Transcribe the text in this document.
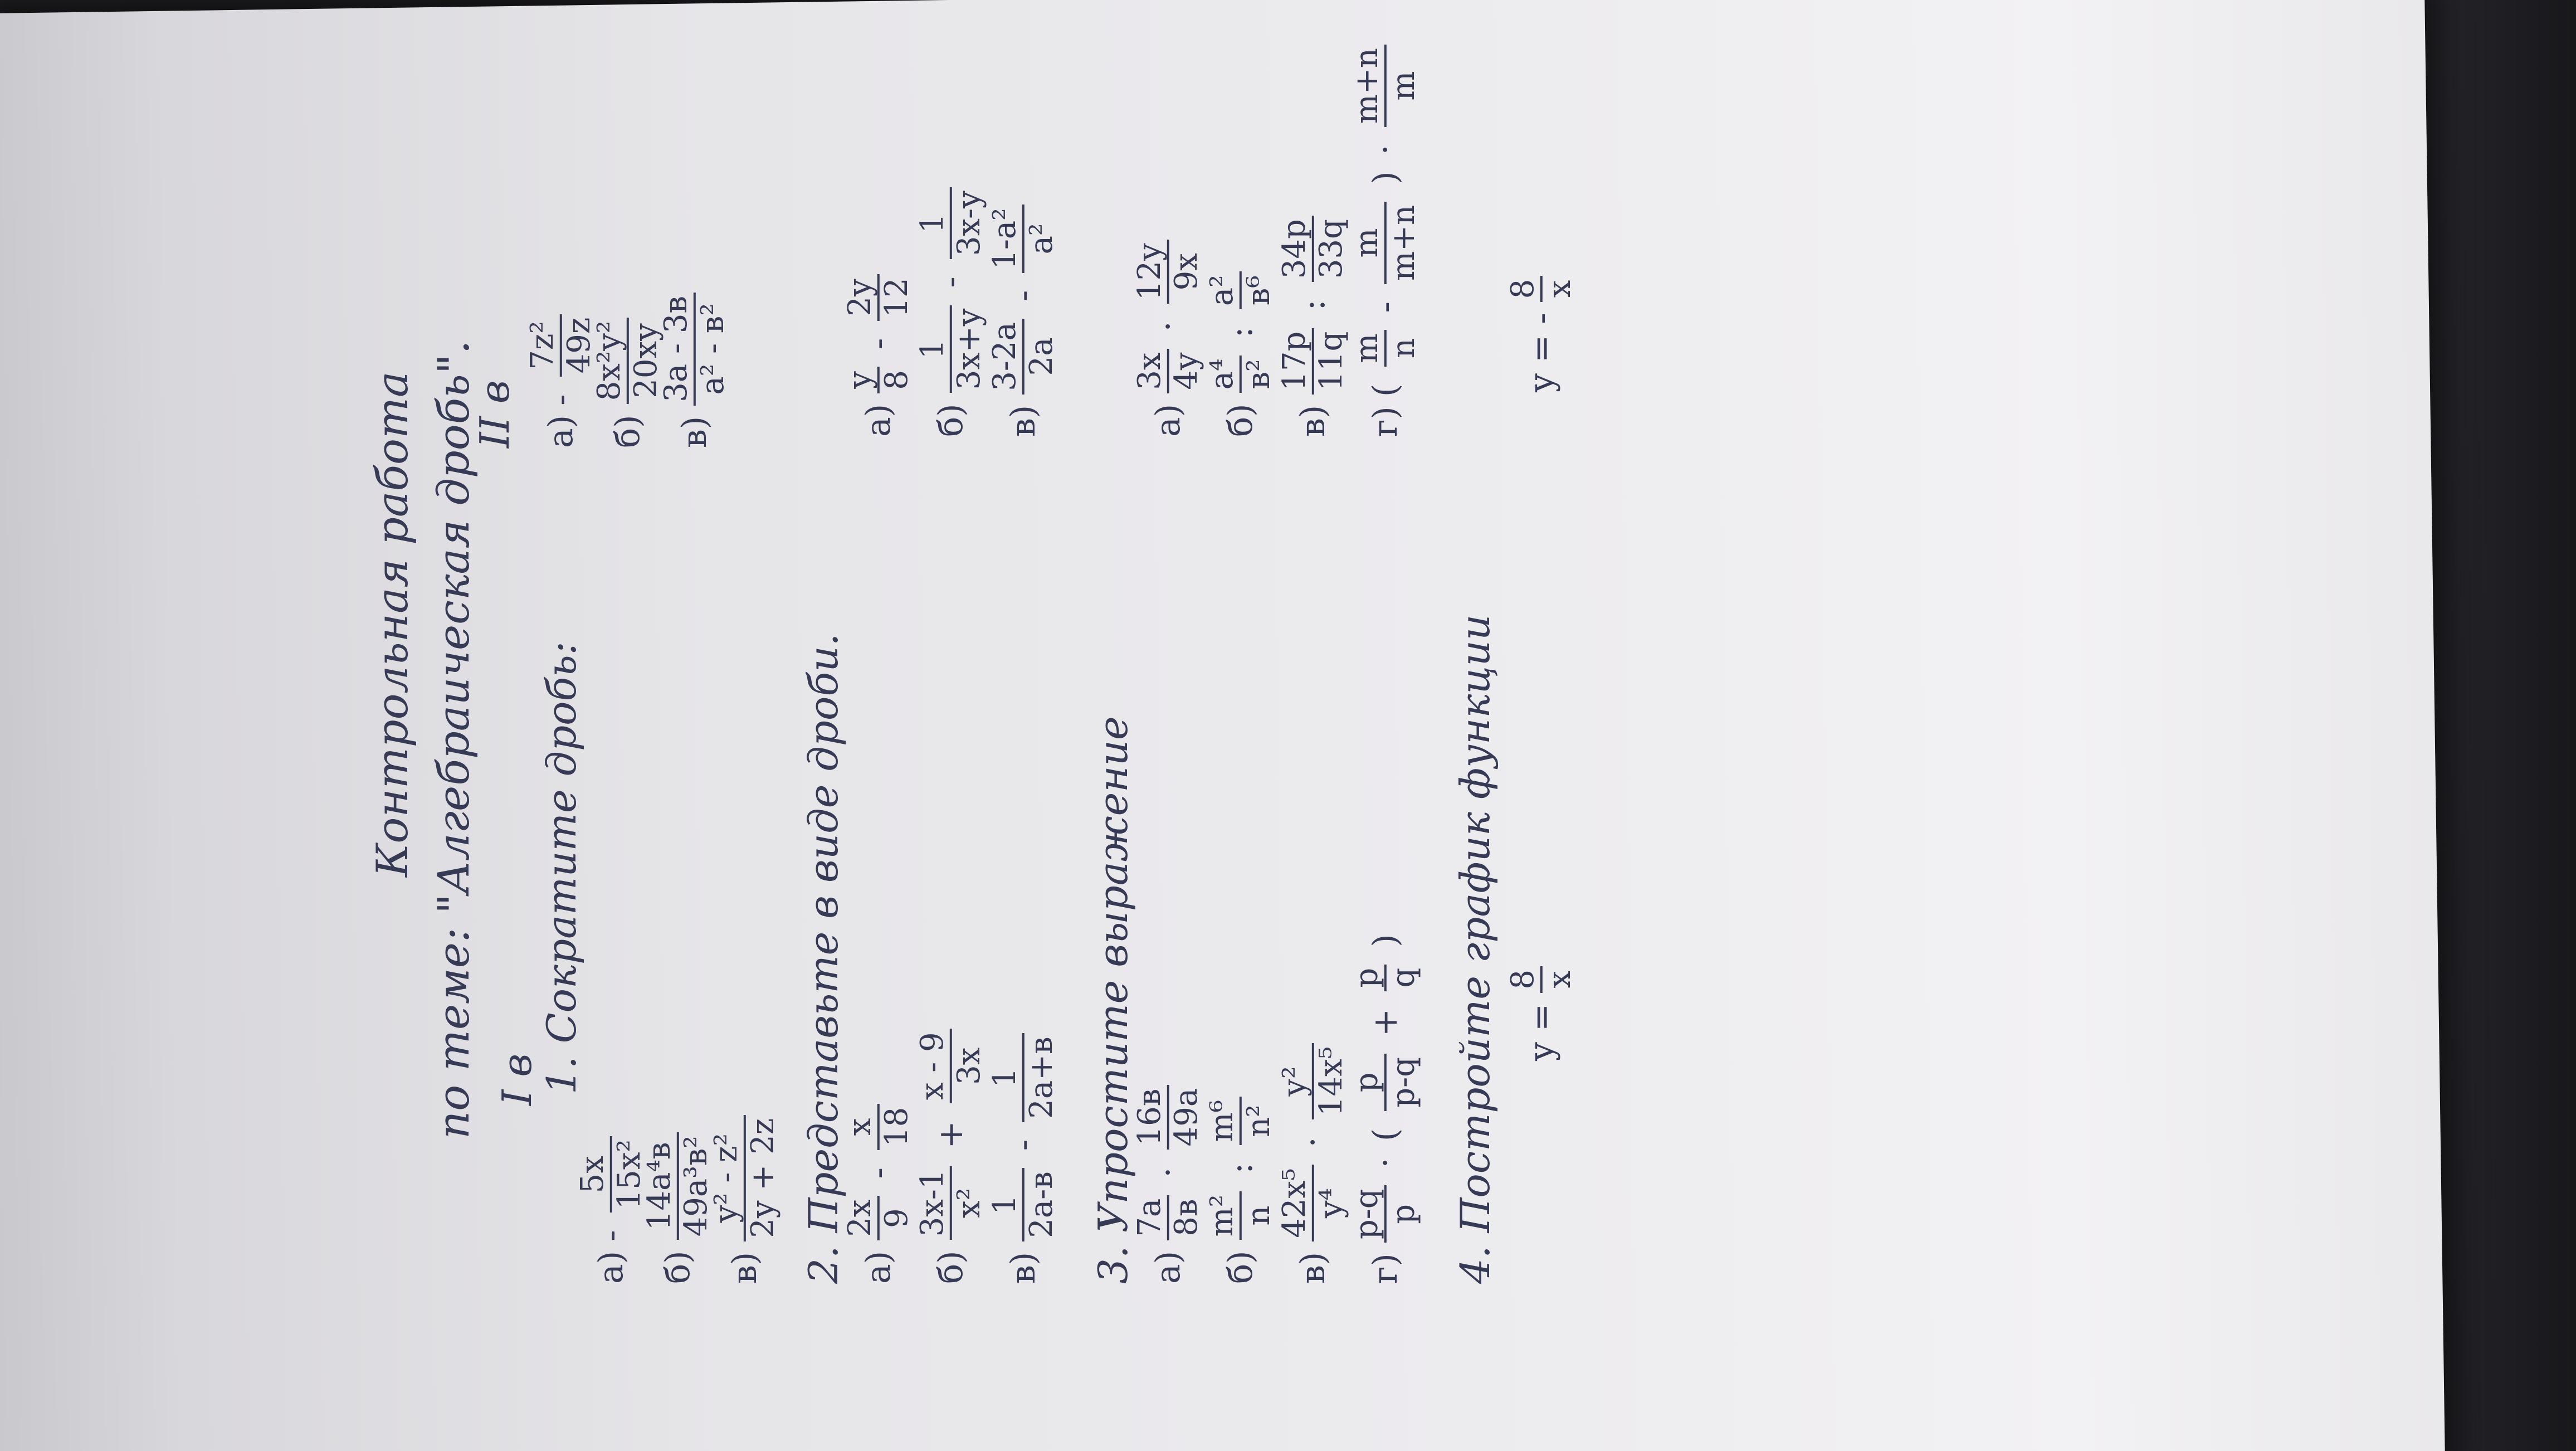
Контрольная работа по теме: "Алгебраическая дробь". I в
II в
1. Сократите дробь:
а) -
5x 15x²
б)
14a⁴в 49a³в²
в)
y² - z² 2y + 2z
а) -
7z² 49z
б)
8x²y² 20xy
в)
3a - 3в a² - в²
2. Представьте в виде дроби. а)
2x 9
-
x 18
б)
3x-1 x²
+
x - 9 3x
в)
1 2a-в
-
1 2a+в
а)
y 8
-
2y 12
б)
1 3x+y
-
1 3x-y
в)
3-2a 2a
-
1-a² a²
3. Упростите выражение а)
7a 8в
·
16в 49a
б)
m² n
:
m⁶ n²
в)
42x⁵ y⁴
·
y² 14x⁵
г)
p-q p
· (
p p-q
+
p q
)
а)
3x 4y
·
12y 9x
б)
a⁴ в²
:
a² в⁶
в)
17p 11q
:
34p 33q
г) (
m n
-
m m+n
) ·
m+n m
4. Постройте график функции y =
8 x
y = -
8 x
